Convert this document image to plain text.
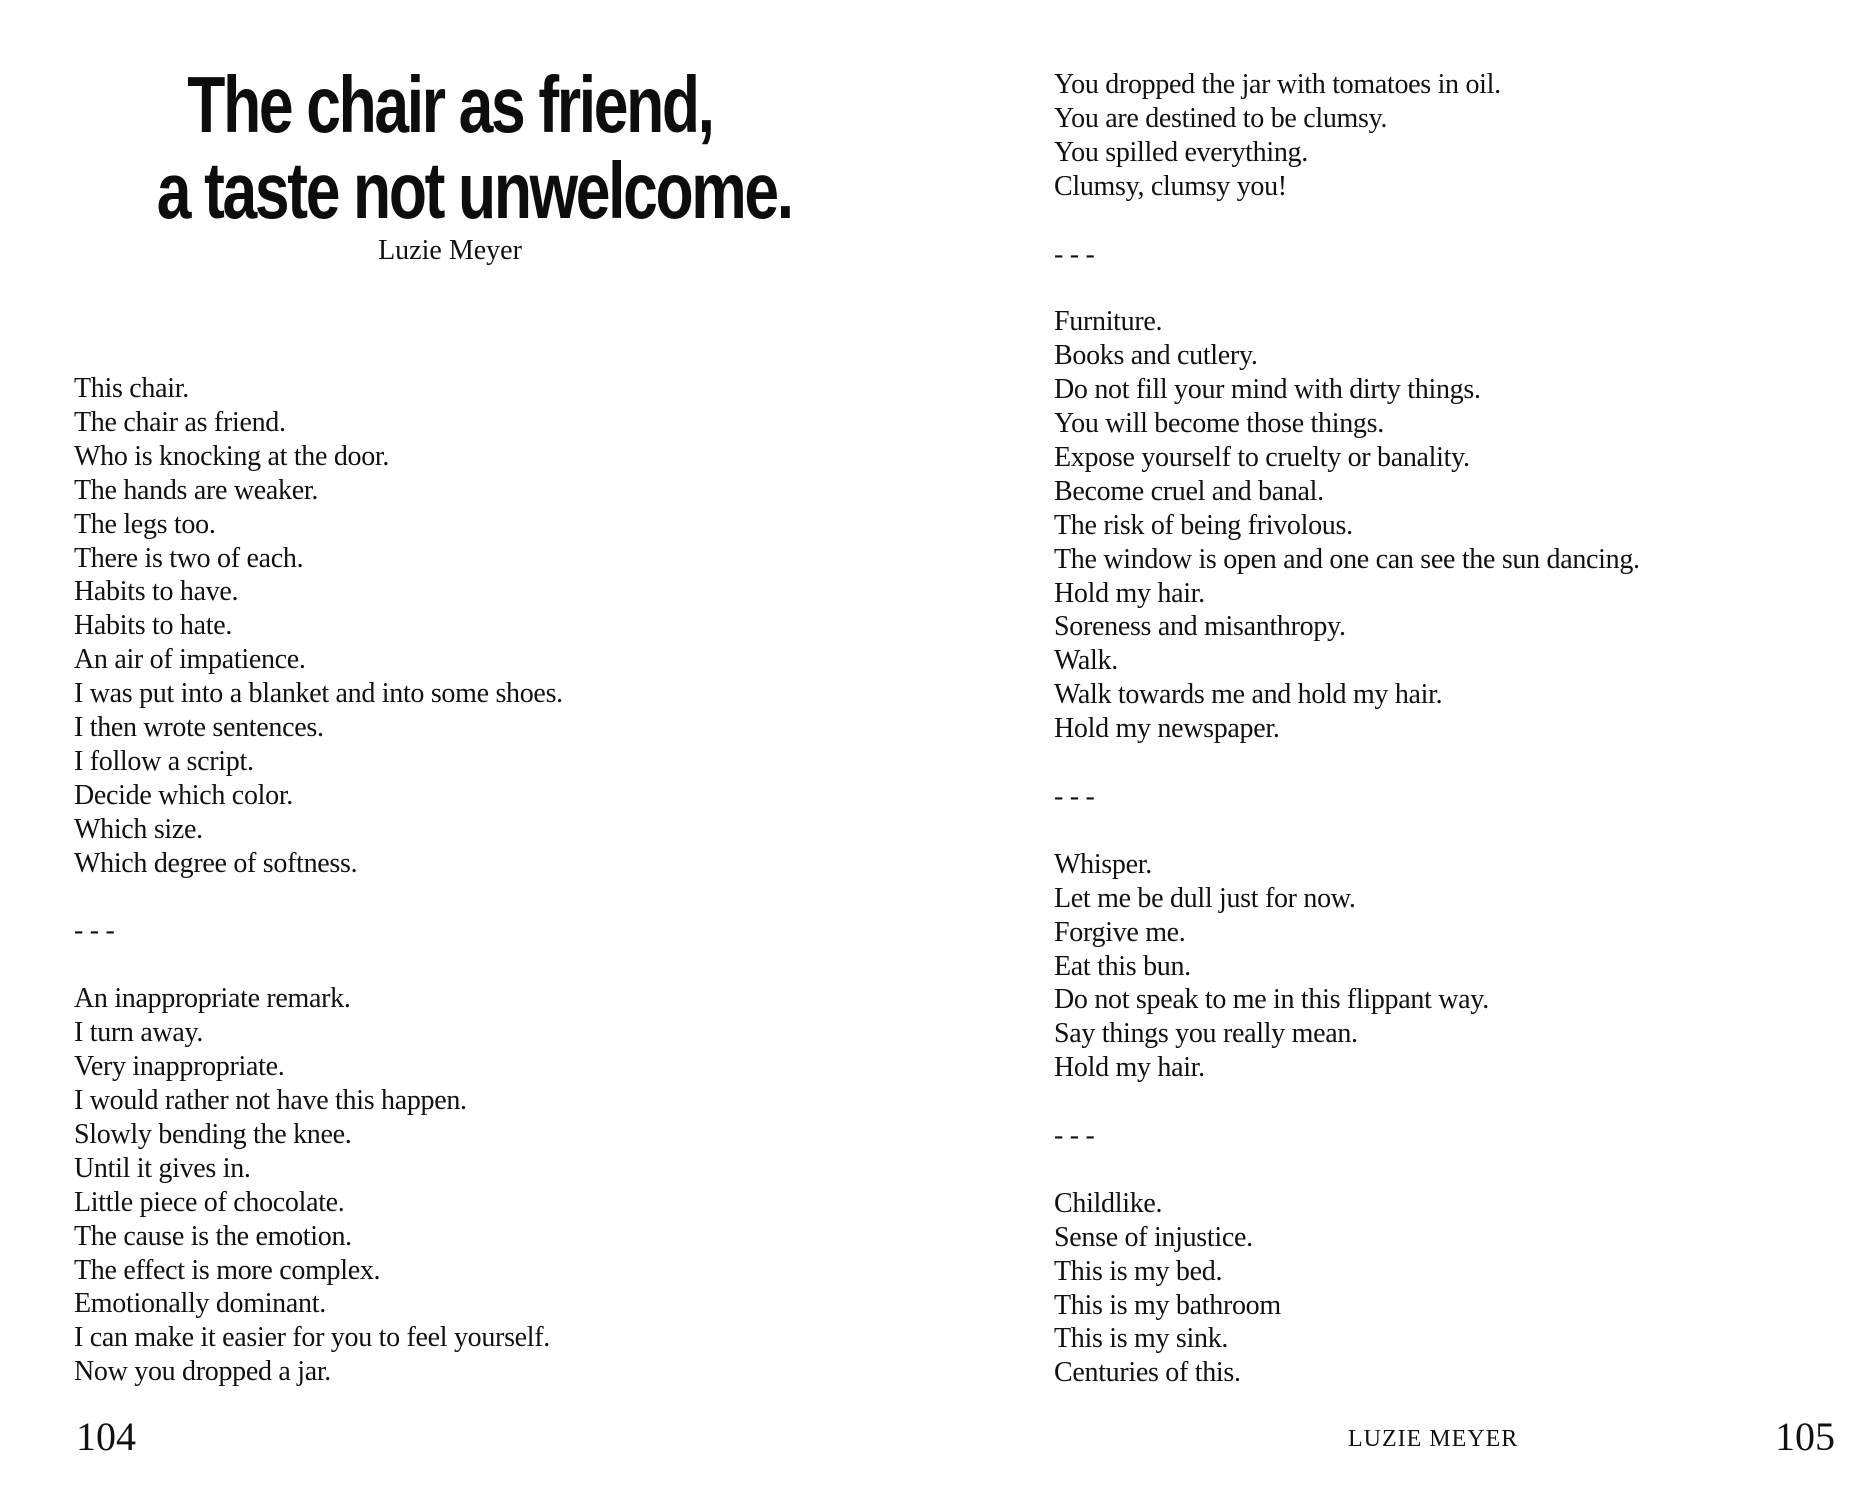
The chair as friend,
a taste not unwelcome.
Luzie Meyer
This chair.
The chair as friend.
Who is knocking at the door.
The hands are weaker.
The legs too.
There is two of each.
Habits to have.
Habits to hate.
An air of impatience.
I was put into a blanket and into some shoes.
I then wrote sentences.
I follow a script.
Decide which color.
Which size.
Which degree of softness.
- - -
An inappropriate remark.
I turn away.
Very inappropriate.
I would rather not have this happen.
Slowly bending the knee.
Until it gives in.
Little piece of chocolate.
The cause is the emotion.
The effect is more complex.
Emotionally dominant.
I can make it easier for you to feel yourself.
Now you dropped a jar.
104
You dropped the jar with tomatoes in oil.
You are destined to be clumsy.
You spilled everything.
Clumsy, clumsy you!
- - -
Furniture.
Books and cutlery.
Do not fill your mind with dirty things.
You will become those things.
Expose yourself to cruelty or banality.
Become cruel and banal.
The risk of being frivolous.
The window is open and one can see the sun dancing.
Hold my hair.
Soreness and misanthropy.
Walk.
Walk towards me and hold my hair.
Hold my newspaper.
- - -
Whisper.
Let me be dull just for now.
Forgive me.
Eat this bun.
Do not speak to me in this flippant way.
Say things you really mean.
Hold my hair.
- - -
Childlike.
Sense of injustice.
This is my bed.
This is my bathroom
This is my sink.
Centuries of this.
LUZIE MEYER	105
